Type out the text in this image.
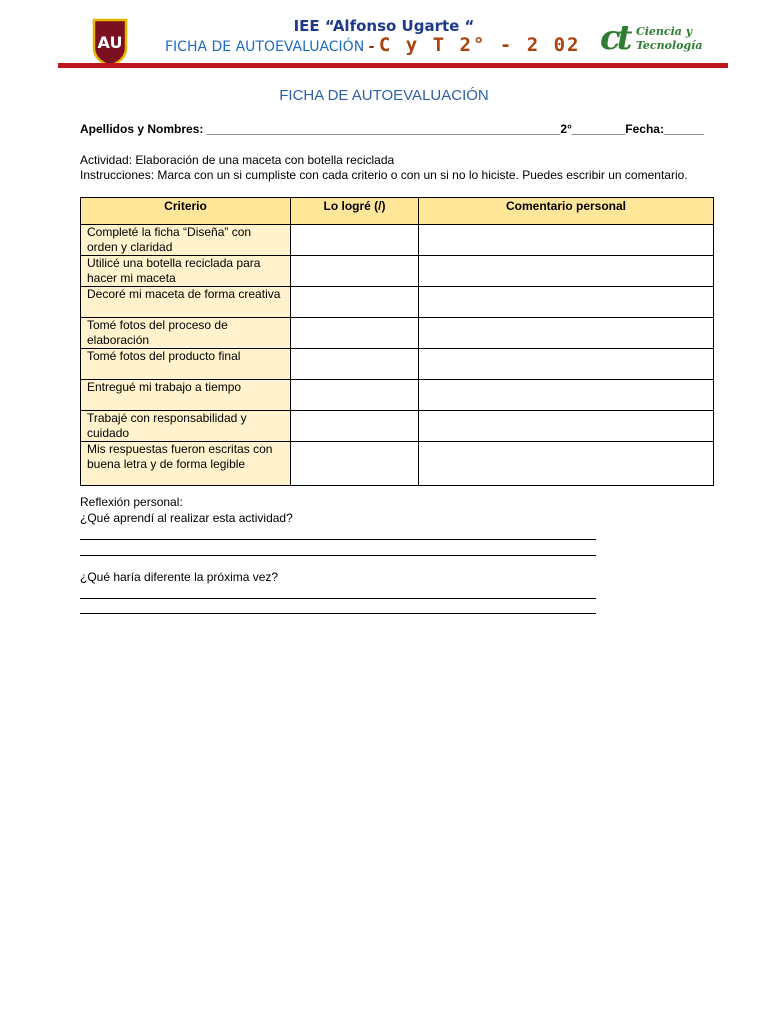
AU
IEE “Alfonso Ugarte “
FICHA DE AUTOEVALUACIÓN - C y T 2° - 2 02 ct Ciencia y
Tecnología
FICHA DE AUTOEVALUACIÓN
Apellidos y Nombres: _____________________________________________________2°________Fecha:______
Actividad: Elaboración de una maceta con botella reciclada
Instrucciones: Marca con un si cumpliste con cada criterio o con un si no lo hiciste. Puedes escribir un comentario.
Criterio	Lo logré (/)	Comentario personal
Completé la ficha “Diseña” con orden y claridad		
Utilicé una botella reciclada para hacer mi maceta		
Decoré mi maceta de forma creativa		
Tomé fotos del proceso de elaboración		
Tomé fotos del producto final		
Entregué mi trabajo a tiempo		
Trabajé con responsabilidad y cuidado		
Mis respuestas fueron escritas con buena letra y de forma legible		
Reflexión personal:
¿Qué aprendí al realizar esta actividad?
¿Qué haría diferente la próxima vez?
